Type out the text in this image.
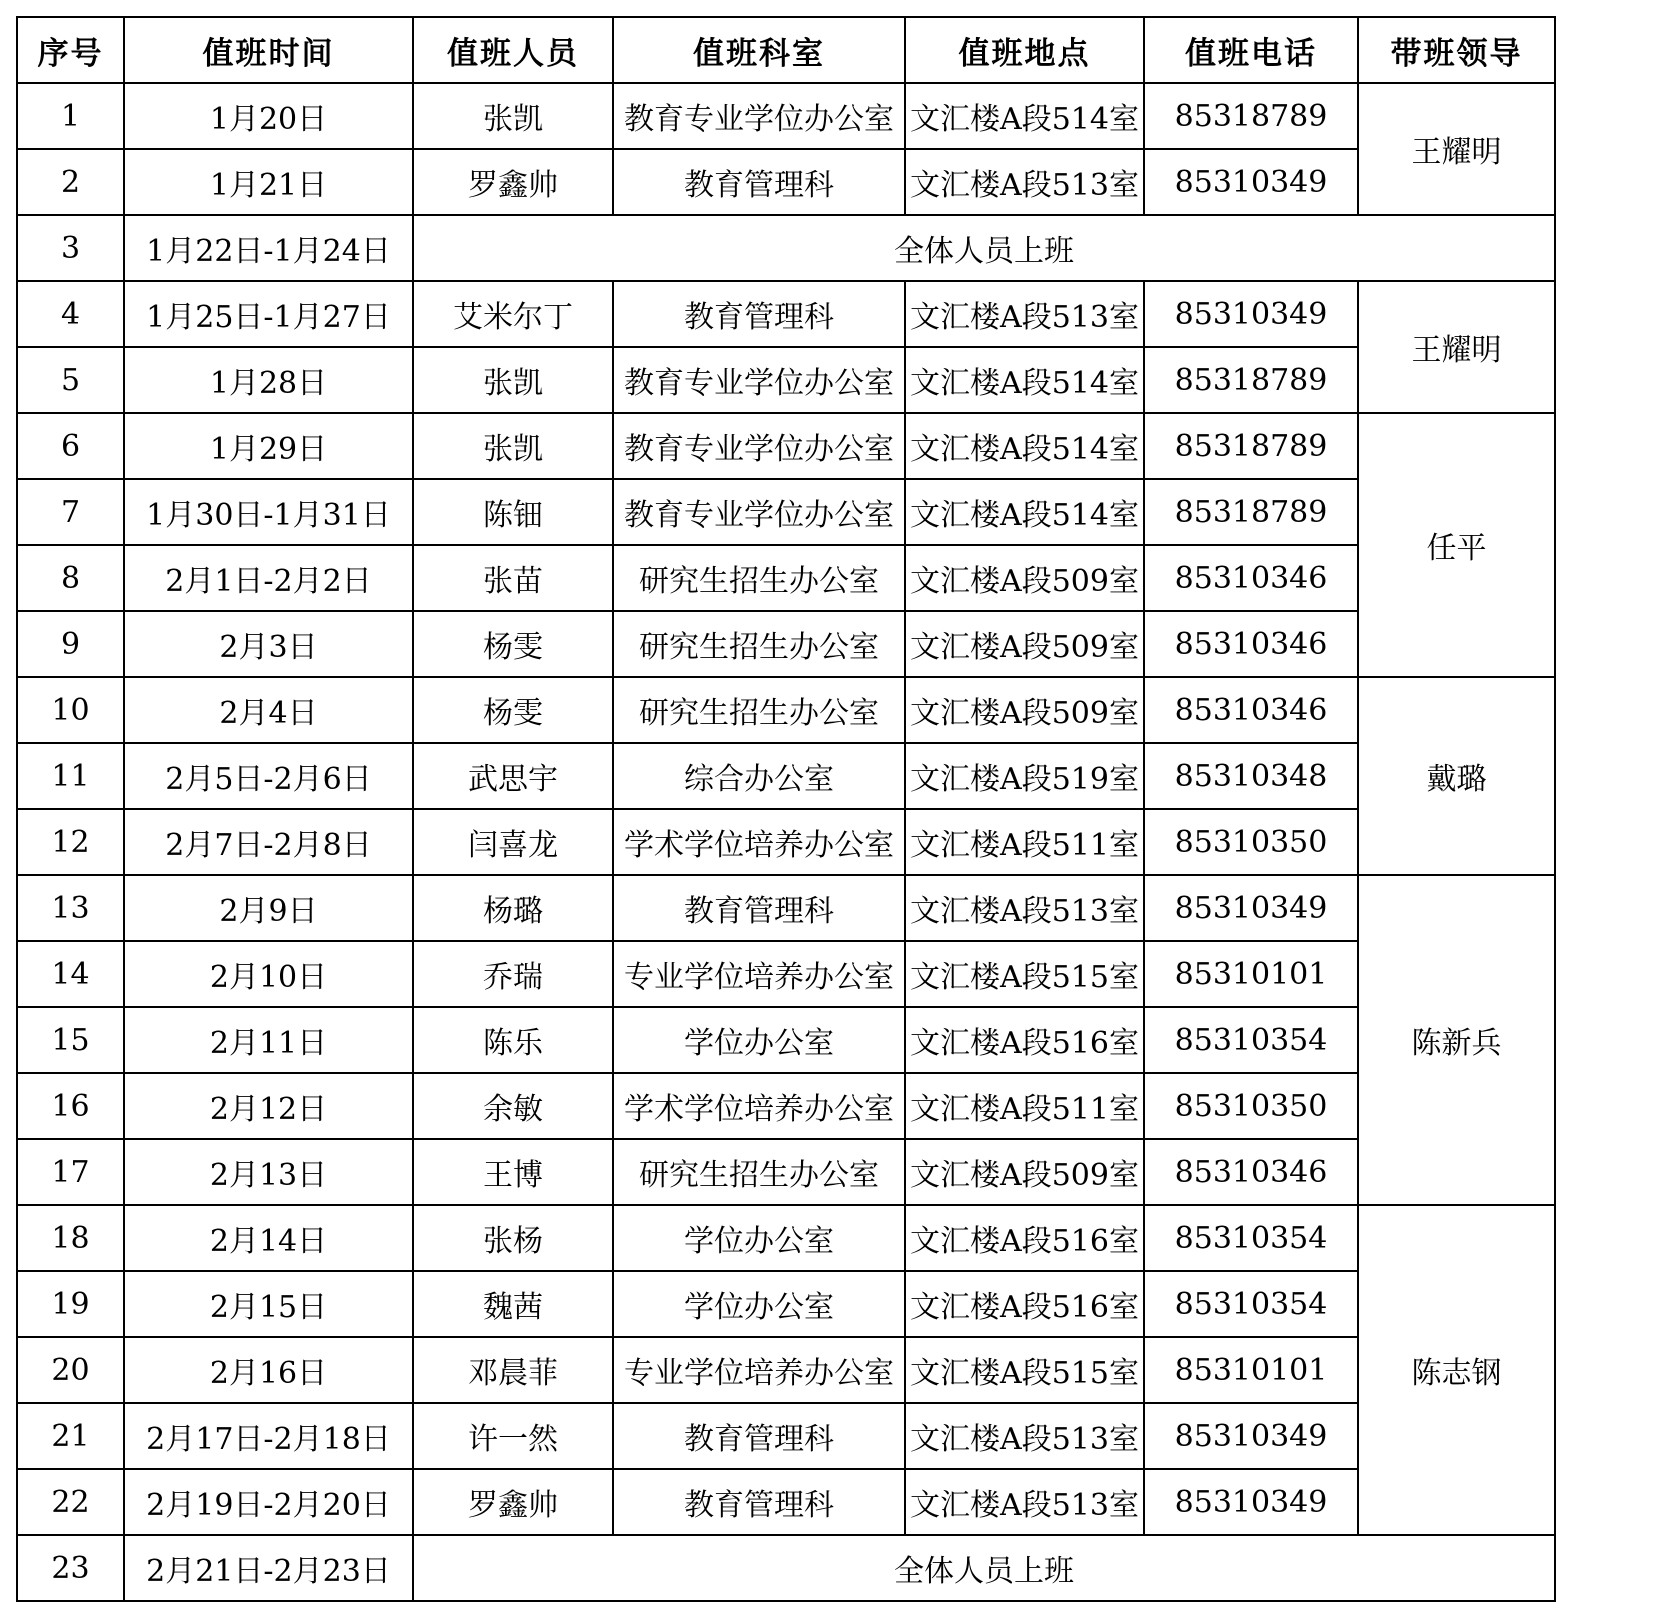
序号	值班时间	值班人员	值班科室	值班地点	值班电话	带班领导
1	1月20日	张凯	教育专业学位办公室	文汇楼A段514室	85318789	王耀明
2	1月21日	罗鑫帅	教育管理科	文汇楼A段513室	85310349	
3	1月22日-1月24日	全体人员上班				
4	1月25日-1月27日	艾米尔丁	教育管理科	文汇楼A段513室	85310349	王耀明
5	1月28日	张凯	教育专业学位办公室	文汇楼A段514室	85318789	
6	1月29日	张凯	教育专业学位办公室	文汇楼A段514室	85318789	任平
7	1月30日-1月31日	陈钿	教育专业学位办公室	文汇楼A段514室	85318789	
8	2月1日-2月2日	张苗	研究生招生办公室	文汇楼A段509室	85310346	
9	2月3日	杨雯	研究生招生办公室	文汇楼A段509室	85310346	
10	2月4日	杨雯	研究生招生办公室	文汇楼A段509室	85310346	戴璐
11	2月5日-2月6日	武思宇	综合办公室	文汇楼A段519室	85310348	
12	2月7日-2月8日	闫喜龙	学术学位培养办公室	文汇楼A段511室	85310350	
13	2月9日	杨璐	教育管理科	文汇楼A段513室	85310349	陈新兵
14	2月10日	乔瑞	专业学位培养办公室	文汇楼A段515室	85310101	
15	2月11日	陈乐	学位办公室	文汇楼A段516室	85310354	
16	2月12日	余敏	学术学位培养办公室	文汇楼A段511室	85310350	
17	2月13日	王博	研究生招生办公室	文汇楼A段509室	85310346	
18	2月14日	张杨	学位办公室	文汇楼A段516室	85310354	陈志钢
19	2月15日	魏茜	学位办公室	文汇楼A段516室	85310354	
20	2月16日	邓晨菲	专业学位培养办公室	文汇楼A段515室	85310101	
21	2月17日-2月18日	许一然	教育管理科	文汇楼A段513室	85310349	
22	2月19日-2月20日	罗鑫帅	教育管理科	文汇楼A段513室	85310349	
23	2月21日-2月23日	全体人员上班				
